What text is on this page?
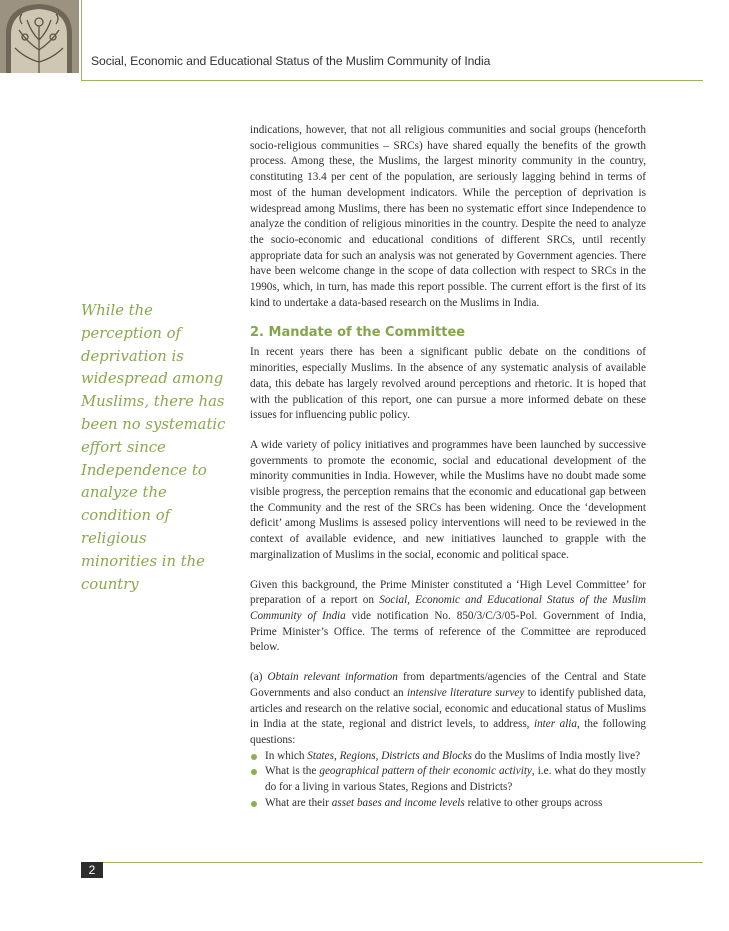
Social, Economic and Educational Status of the Muslim Community of India
While the perception of deprivation is widespread among Muslims, there has been no systematic effort since Independence to analyze the condition of religious minorities in the country

indications, however, that not all religious communities and social groups (henceforth socio-religious communities – SRCs) have shared equally the benefits of the growth process. Among these, the Muslims, the largest minority community in the country, constituting 13.4 per cent of the population, are seriously lagging behind in terms of most of the human development indicators. While the perception of deprivation is widespread among Muslims, there has been no systematic effort since Independence to analyze the condition of religious minorities in the country. Despite the need to analyze the socio-economic and educational conditions of different SRCs, until recently appropriate data for such an analysis was not generated by Government agencies. There have been welcome change in the scope of data collection with respect to SRCs in the 1990s, which, in turn, has made this report possible. The current effort is the first of its kind to undertake a data-based research on the Muslims in India.

2. Mandate of the Committee

In recent years there has been a significant public debate on the conditions of minorities, especially Muslims. In the absence of any systematic analysis of available data, this debate has largely revolved around perceptions and rhetoric. It is hoped that with the publication of this report, one can pursue a more informed debate on these issues for influencing public policy.

A wide variety of policy initiatives and programmes have been launched by successive governments to promote the economic, social and educational development of the minority communities in India. However, while the Muslims have no doubt made some visible progress, the perception remains that the economic and educational gap between the Community and the rest of the SRCs has been widening. Once the ‘development deficit’ among Muslims is assesed policy interventions will need to be reviewed in the context of available evidence, and new initiatives launched to grapple with the marginalization of Muslims in the social, economic and political space.

Given this background, the Prime Minister constituted a ‘High Level Committee’ for preparation of a report on Social, Economic and Educational Status of the Muslim Community of India vide notification No. 850/3/C/3/05-Pol. Government of India, Prime Minister’s Office. The terms of reference of the Committee are reproduced below.

(a) Obtain relevant information from departments/agencies of the Central and State Governments and also conduct an intensive literature survey to identify published data, articles and research on the relative social, economic and educational status of Muslims in India at the state, regional and district levels, to address, inter alia, the following questions:

In which States, Regions, Districts and Blocks do the Muslims of India mostly live?
What is the geographical pattern of their economic activity, i.e. what do they mostly do for a living in various States, Regions and Districts?
What are their asset bases and income levels relative to other groups across
2
